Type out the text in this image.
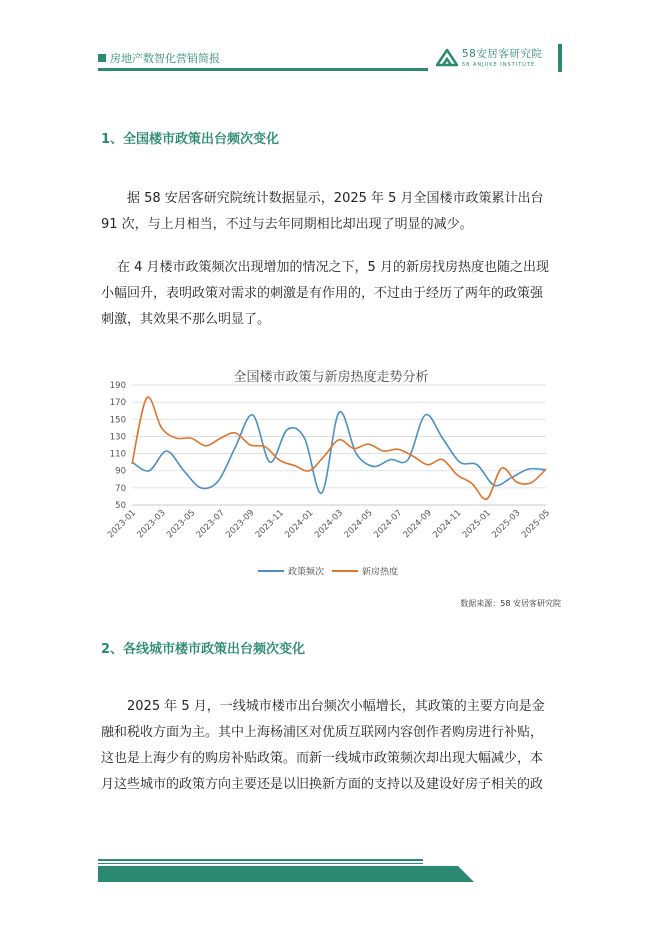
房地产数智化营销简报	58安居客研究院
58 ANJUKE INSTITUTE
1、全国楼市政策出台频次变化
据 58 安居客研究院统计数据显示，2025 年 5 月全国楼市政策累计出台
91 次，与上月相当，不过与去年同期相比却出现了明显的减少。
在 4 月楼市政策频次出现增加的情况之下，5 月的新房找房热度也随之出现
小幅回升，表明政策对需求的刺激是有作用的，不过由于经历了两年的政策强
刺激，其效果不那么明显了。
全国楼市政策与新房热度走势分析
50
70
90
110
130
150
170
190
2023-01
2023-03
2023-05
2023-07
2023-09
2023-11
2024-01
2024-03
2024-05
2024-07
2024-09
2024-11
2025-01
2025-03
2025-05
政策频次	新房热度
数据来源：58 安居客研究院
2、各线城市楼市政策出台频次变化
2025 年 5 月，一线城市楼市出台频次小幅增长，其政策的主要方向是金
融和税收方面为主。其中上海杨浦区对优质互联网内容创作者购房进行补贴，
这也是上海少有的购房补贴政策。而新一线城市政策频次却出现大幅减少，本
月这些城市的政策方向主要还是以旧换新方面的支持以及建设好房子相关的政
